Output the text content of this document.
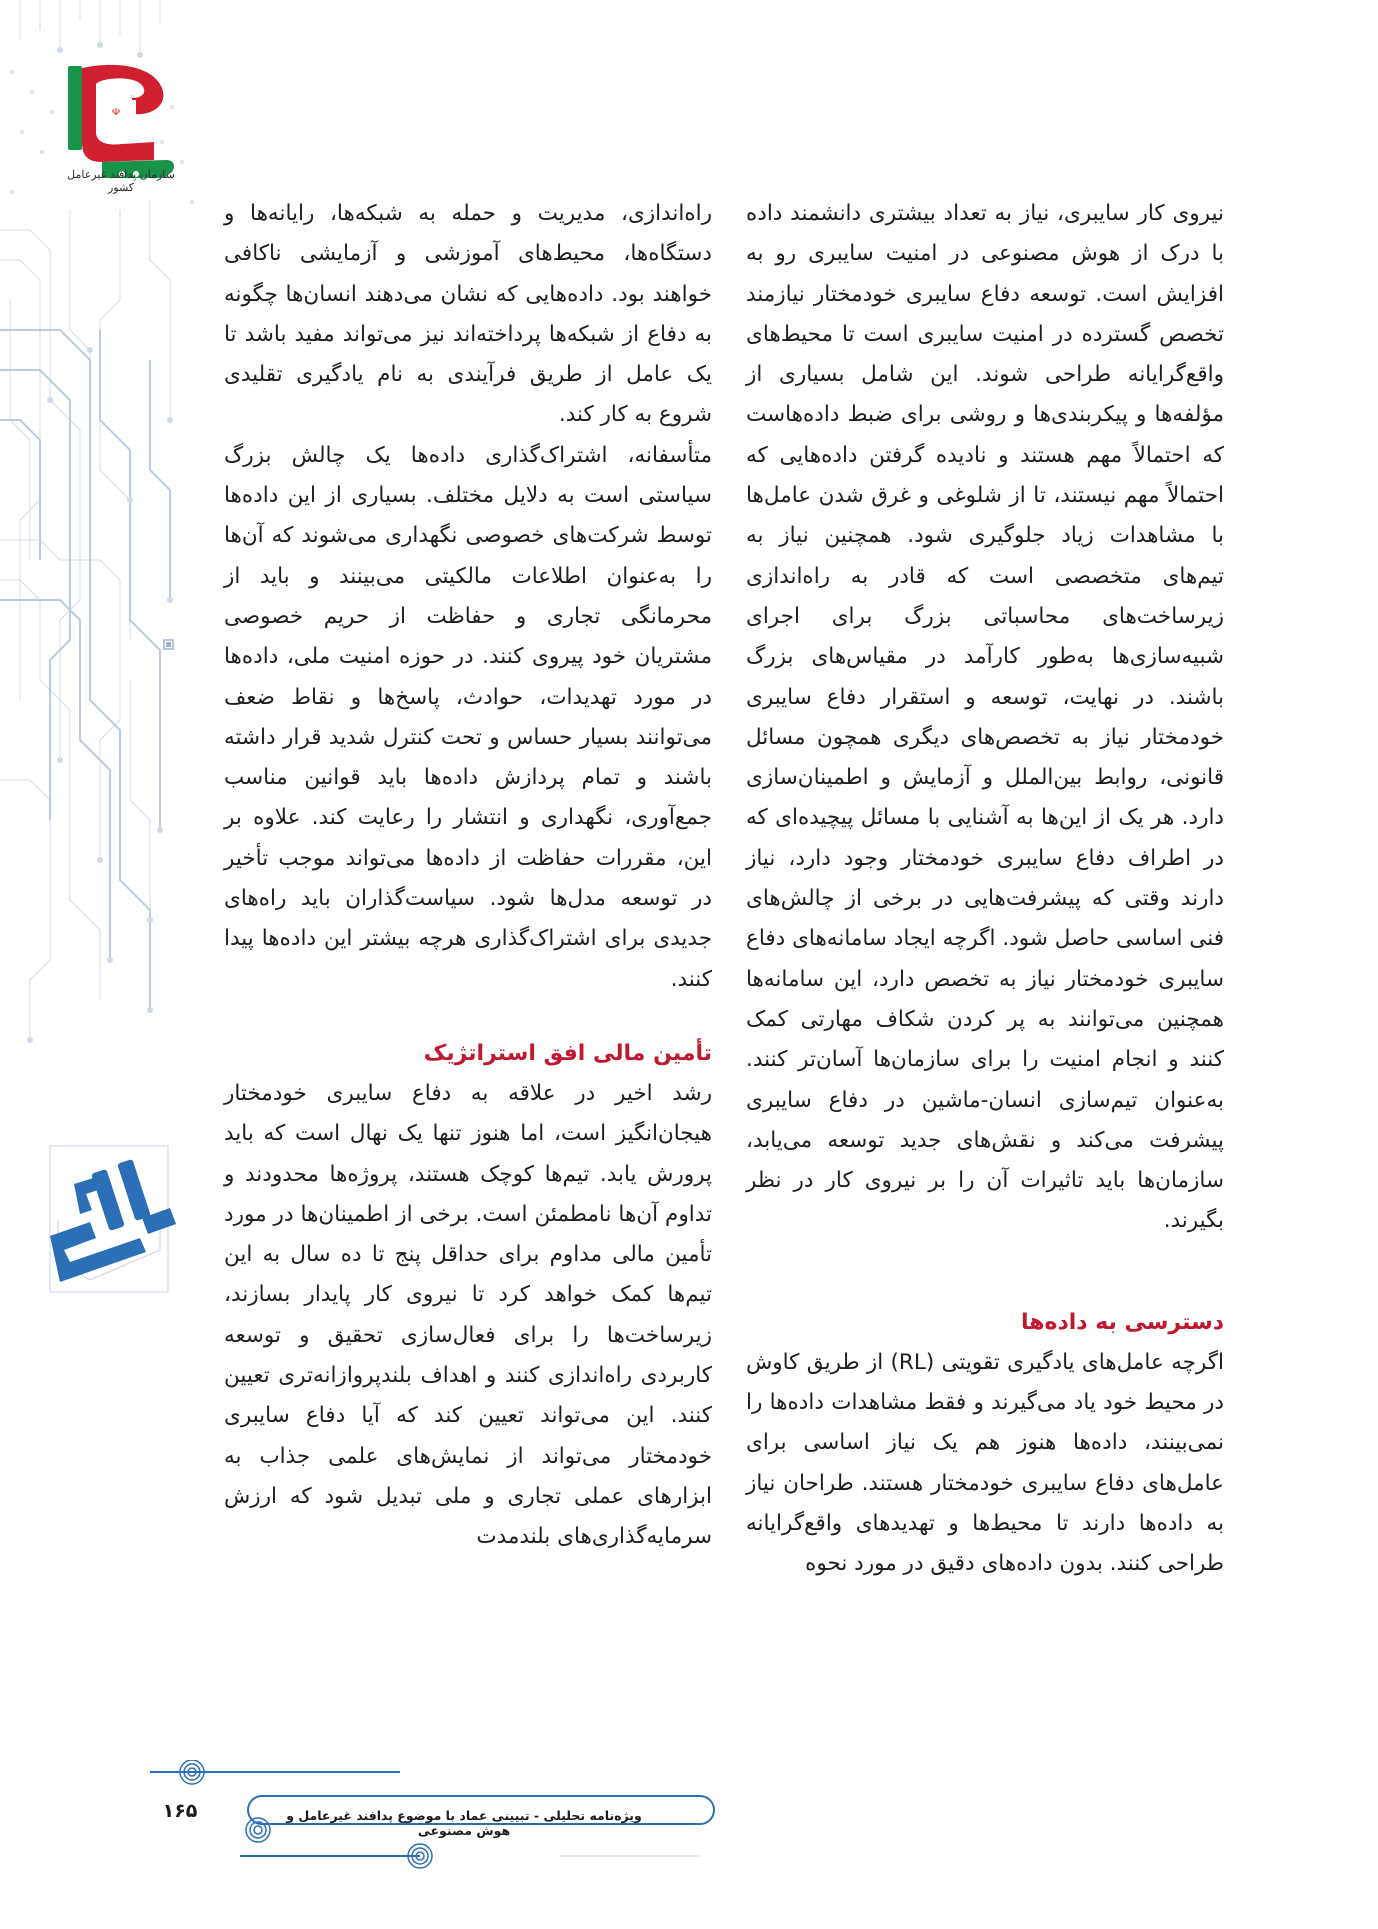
☫
سازمان پدافند غیرعامل کشور

نیروی کار سایبری، نیاز به تعداد بیشتری دانشمند داده با درک از هوش مصنوعی در امنیت سایبری رو به افزایش است. توسعه دفاع سایبری خودمختار نیازمند تخصص گسترده در امنیت سایبری است تا محیط‌های واقع‌گرایانه طراحی شوند. این شامل بسیاری از مؤلفه‌ها و پیکربندی‌ها و روشی برای ضبط داده‌هاست که احتمالاً مهم هستند و نادیده گرفتن داده‌هایی که احتمالاً مهم نیستند، تا از شلوغی و غرق شدن عامل‌ها با مشاهدات زیاد جلوگیری شود. همچنین نیاز به تیم‌های متخصصی است که قادر به راه‌اندازی زیرساخت‌های محاسباتی بزرگ برای اجرای شبیه‌سازی‌ها به‌طور کارآمد در مقیاس‌های بزرگ باشند. در نهایت، توسعه و استقرار دفاع سایبری خودمختار نیاز به تخصص‌های دیگری همچون مسائل قانونی، روابط بین‌الملل و آزمایش و اطمینان‌سازی دارد. هر یک از این‌ها به آشنایی با مسائل پیچیده‌ای که در اطراف دفاع سایبری خودمختار وجود دارد، نیاز دارند وقتی که پیشرفت‌هایی در برخی از چالش‌های فنی اساسی حاصل شود. اگرچه ایجاد سامانه‌های دفاع سایبری خودمختار نیاز به تخصص دارد، این سامانه‌ها همچنین می‌توانند به پر کردن شکاف مهارتی کمک کنند و انجام امنیت را برای سازمان‌ها آسان‌تر کنند. به‌عنوان تیم‌سازی انسان-ماشین در دفاع سایبری پیشرفت می‌کند و نقش‌های جدید توسعه می‌یابد، سازمان‌ها باید تاثیرات آن را بر نیروی کار در نظر بگیرند.

دسترسی به داده‌ها

اگرچه عامل‌های یادگیری تقویتی (RL) از طریق کاوش در محیط خود یاد می‌گیرند و فقط مشاهدات داده‌ها را نمی‌بینند، داده‌ها هنوز هم یک نیاز اساسی برای عامل‌های دفاع سایبری خودمختار هستند. طراحان نیاز به داده‌ها دارند تا محیط‌ها و تهدیدهای واقع‌گرایانه طراحی کنند. بدون داده‌های دقیق در مورد نحوه

راه‌اندازی، مدیریت و حمله به شبکه‌ها، رایانه‌ها و دستگاه‌ها، محیط‌های آموزشی و آزمایشی ناکافی خواهند بود. داده‌هایی که نشان می‌دهند انسان‌ها چگونه به دفاع از شبکه‌ها پرداخته‌اند نیز می‌تواند مفید باشد تا یک عامل از طریق فرآیندی به نام یادگیری تقلیدی شروع به کار کند.

متأسفانه، اشتراک‌گذاری داده‌ها یک چالش بزرگ سیاستی است به دلایل مختلف. بسیاری از این داده‌ها توسط شرکت‌های خصوصی نگهداری می‌شوند که آن‌ها را به‌عنوان اطلاعات مالکیتی می‌بینند و باید از محرمانگی تجاری و حفاظت از حریم خصوصی مشتریان خود پیروی کنند. در حوزه امنیت ملی، داده‌ها در مورد تهدیدات، حوادث، پاسخ‌ها و نقاط ضعف می‌توانند بسیار حساس و تحت کنترل شدید قرار داشته باشند و تمام پردازش داده‌ها باید قوانین مناسب جمع‌آوری، نگهداری و انتشار را رعایت کند. علاوه بر این، مقررات حفاظت از داده‌ها می‌تواند موجب تأخیر در توسعه مدل‌ها شود. سیاست‌گذاران باید راه‌های جدیدی برای اشتراک‌گذاری هرچه بیشتر این داده‌ها پیدا کنند.

تأمین مالی افق استراتژیک

رشد اخیر در علاقه به دفاع سایبری خودمختار هیجان‌انگیز است، اما هنوز تنها یک نهال است که باید پرورش یابد. تیم‌ها کوچک هستند، پروژه‌ها محدودند و تداوم آن‌ها نامطمئن است. برخی از اطمینان‌ها در مورد تأمین مالی مداوم برای حداقل پنج تا ده سال به این تیم‌ها کمک خواهد کرد تا نیروی کار پایدار بسازند، زیرساخت‌ها را برای فعال‌سازی تحقیق و توسعه کاربردی راه‌اندازی کنند و اهداف بلندپروازانه‌تری تعیین کنند. این می‌تواند تعیین کند که آیا دفاع سایبری خودمختار می‌تواند از نمایش‌های علمی جذاب به ابزارهای عملی تجاری و ملی تبدیل شود که ارزش سرمایه‌گذاری‌های بلندمدت

ویژه‌نامه تحلیلی - تبیینی عماد با موضوع پدافند غیرعامل و هوش مصنوعی
۱۶۵
